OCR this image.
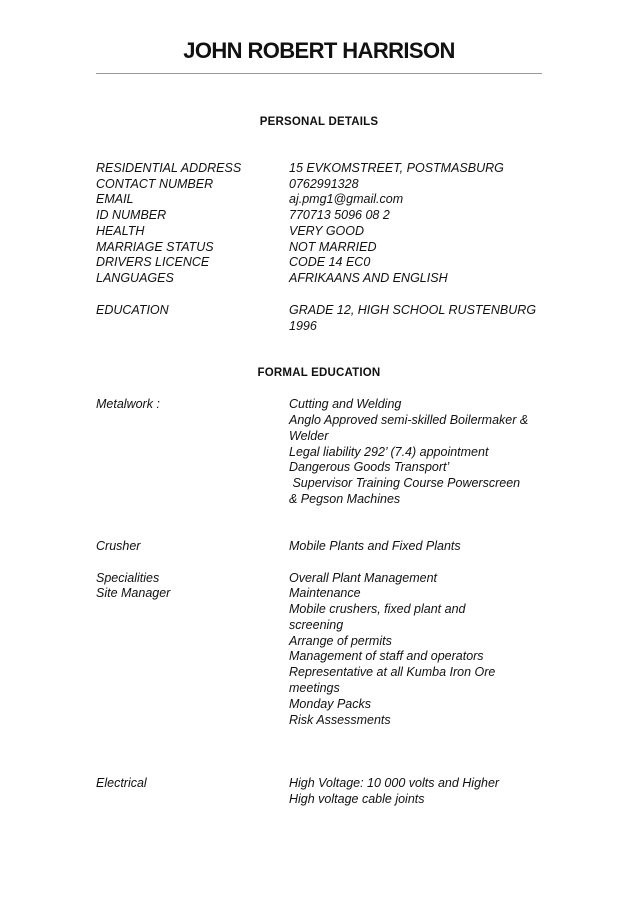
JOHN ROBERT HARRISON
PERSONAL DETAILS
RESIDENTIAL ADDRESS	15 EVKOMSTREET, POSTMASBURG
CONTACT NUMBER	0762991328
EMAIL	aj.pmg1@gmail.com
ID NUMBER	770713 5096 08 2
HEALTH	VERY GOOD
MARRIAGE STATUS	NOT MARRIED
DRIVERS LICENCE	CODE 14 EC0
LANGUAGES	AFRIKAANS AND ENGLISH
EDUCATION	GRADE 12, HIGH SCHOOL RUSTENBURG
1996
FORMAL EDUCATION
Metalwork :	Cutting and Welding
Anglo Approved semi-skilled Boilermaker &
Welder
Legal liability 292’ (7.4) appointment
Dangerous Goods Transport’
Supervisor Training Course Powerscreen
& Pegson Machines
Crusher	Mobile Plants and Fixed Plants
Specialities	Overall Plant Management
Site Manager	Maintenance
Mobile crushers, fixed plant and
screening
Arrange of permits
Management of staff and operators
Representative at all Kumba Iron Ore
meetings
Monday Packs
Risk Assessments
Electrical	High Voltage: 10 000 volts and Higher
High voltage cable joints
